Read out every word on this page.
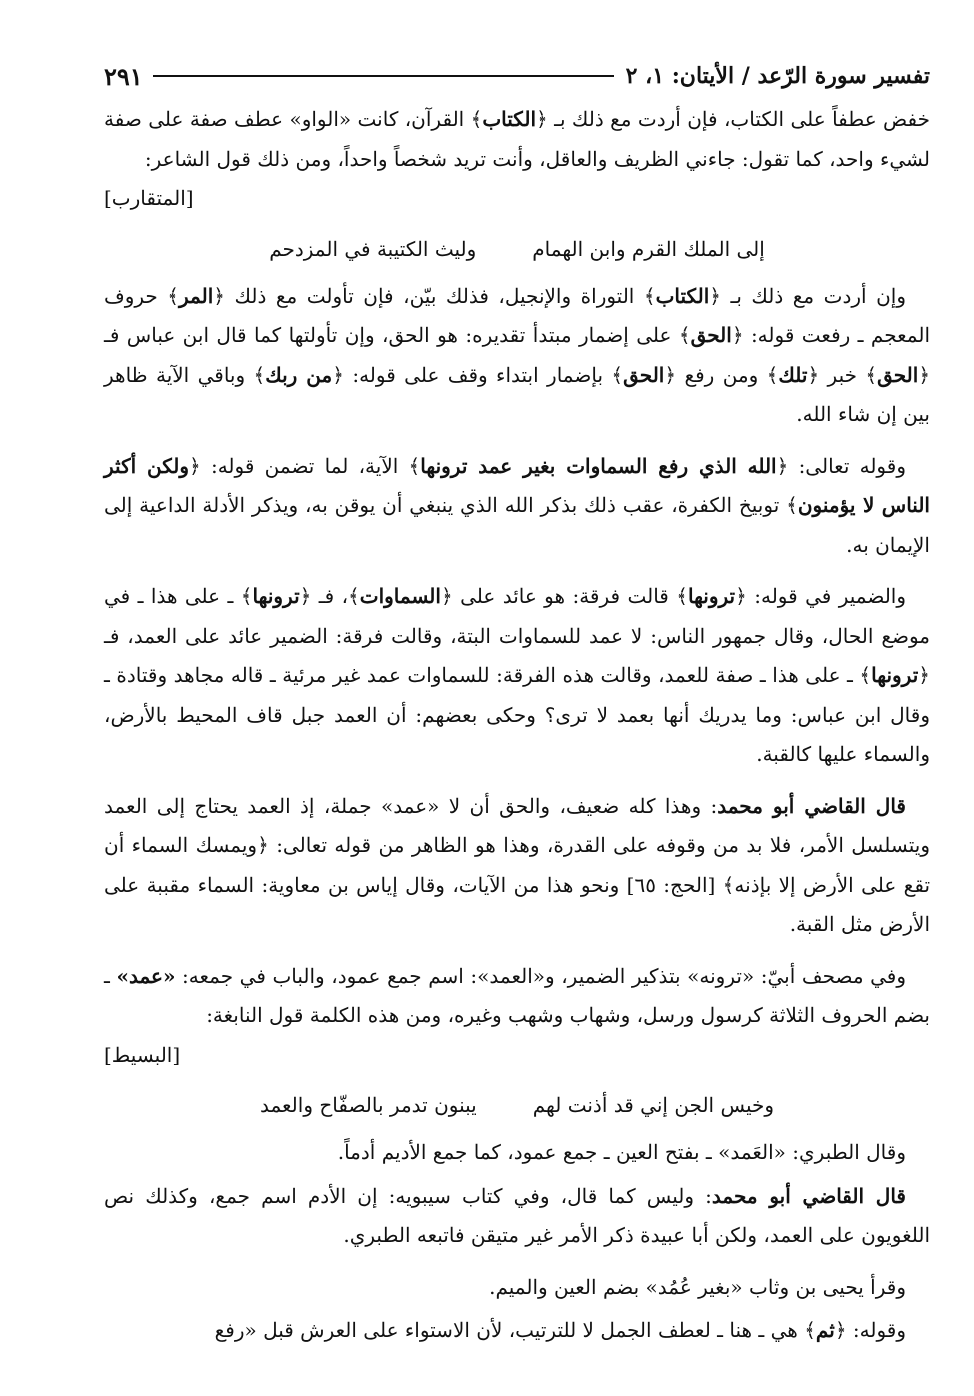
تفسير سورة الرّعد / الأيتان: ١، ٢
٢٩١

خفض عطفاً على الكتاب، فإن أردت مع ذلك بـ ﴿الكتاب﴾ القرآن، كانت «الواو» عطف صفة على صفة لشيء واحد، كما تقول: جاءني الظريف والعاقل، وأنت تريد شخصاً واحداً، ومن ذلك قول الشاعر:
[المتقارب]

إلى الملك القرم وابن الهمام
وليث الكتيبة في المزدحم

وإن أردت مع ذلك بـ ﴿الكتاب﴾ التوراة والإنجيل، فذلك بيّن، فإن تأولت مع ذلك ﴿المر﴾ حروف المعجم ـ رفعت قوله: ﴿الحق﴾ على إضمار مبتدأ تقديره: هو الحق، وإن تأولتها كما قال ابن عباس فـ ﴿الحق﴾ خبر ﴿تلك﴾ ومن رفع ﴿الحق﴾ بإضمار ابتداء وقف على قوله: ﴿من ربك﴾ وباقي الآية ظاهر بين إن شاء الله.

وقوله تعالى: ﴿الله الذي رفع السماوات بغير عمد ترونها﴾ الآية، لما تضمن قوله: ﴿ولكن أكثر الناس لا يؤمنون﴾ توبيخ الكفرة، عقب ذلك بذكر الله الذي ينبغي أن يوقن به، ويذكر الأدلة الداعية إلى الإيمان به.

والضمير في قوله: ﴿ترونها﴾ قالت فرقة: هو عائد على ﴿السماوات﴾، فـ ﴿ترونها﴾ ـ على هذا ـ في موضع الحال، وقال جمهور الناس: لا عمد للسماوات البتة، وقالت فرقة: الضمير عائد على العمد، فـ ﴿ترونها﴾ ـ على هذا ـ صفة للعمد، وقالت هذه الفرقة: للسماوات عمد غير مرئية ـ قاله مجاهد وقتادة ـ وقال ابن عباس: وما يدريك أنها بعمد لا ترى؟ وحكى بعضهم: أن العمد جبل قاف المحيط بالأرض، والسماء عليها كالقبة.

قال القاضي أبو محمد: وهذا كله ضعيف، والحق أن لا «عمد» جملة، إذ العمد يحتاج إلى العمد ويتسلسل الأمر، فلا بد من وقوفه على القدرة، وهذا هو الظاهر من قوله تعالى: ﴿ويمسك السماء أن تقع على الأرض إلا بإذنه﴾ [الحج: ٦٥] ونحو هذا من الآيات، وقال إياس بن معاوية: السماء مقببة على الأرض مثل القبة.

وفي مصحف أبيّ: «ترونه» بتذكير الضمير، و«العمد»: اسم جمع عمود، والباب في جمعه: «عمد» ـ بضم الحروف الثلاثة كرسول ورسل، وشهاب وشهب وغيره، ومن هذه الكلمة قول النابغة:
[البسيط]

وخيس الجن إني قد أذنت لهم
يبنون تدمر بالصفّاح والعمد

وقال الطبري: «العَمد» ـ بفتح العين ـ جمع عمود، كما جمع الأديم أدماً.

قال القاضي أبو محمد: وليس كما قال، وفي كتاب سيبويه: إن الأدم اسم جمع، وكذلك نص اللغويون على العمد، ولكن أبا عبيدة ذكر الأمر غير متيقن فاتبعه الطبري.

وقرأ يحيى بن وثاب «بغير عُمُد» بضم العين والميم.

وقوله: ﴿ثم﴾ هي ـ هنا ـ لعطف الجمل لا للترتيب، لأن الاستواء على العرش قبل «رفع
